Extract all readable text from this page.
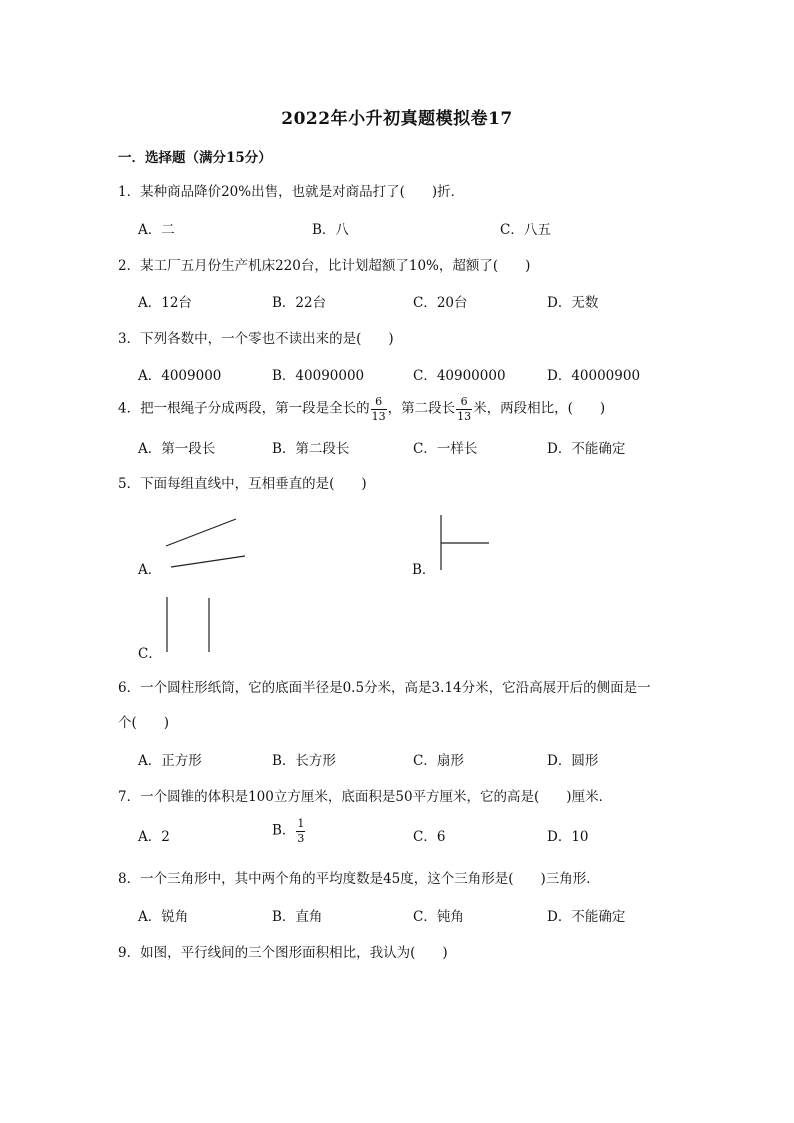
2022年小升初真题模拟卷17
一．选择题（满分15分）
1．某种商品降价20%出售，也就是对商品打了(　　)折．
A．二	B．八	C．八五
2．某工厂五月份生产机床220台，比计划超额了10%，超额了(　　)
A．12台	B．22台	C．20台	D．无数
3．下列各数中，一个零也不读出来的是(　　)
A．4009000	B．40090000	C．40900000	D．40000900
4．把一根绳子分成两段，第一段是全长的 $\frac{6}{13}$ ，第二段长 $\frac{6}{13}$ 米，两段相比，(　　)
A．第一段长	B．第二段长	C．一样长	D．不能确定
5．下面每组直线中，互相垂直的是(　　)
A．	B．
C．
6．一个圆柱形纸筒，它的底面半径是0.5分米，高是3.14分米，它沿高展开后的侧面是一
个(　　)
A．正方形	B．长方形	C．扇形	D．圆形
7．一个圆锥的体积是100立方厘米，底面积是50平方厘米，它的高是(　　)厘米．
A．2	B． $\frac{1}{3}$	C．6	D．10
8．一个三角形中，其中两个角的平均度数是45度，这个三角形是(　　)三角形．
A．锐角	B．直角	C．钝角	D．不能确定
9．如图，平行线间的三个图形面积相比，我认为(　　)
